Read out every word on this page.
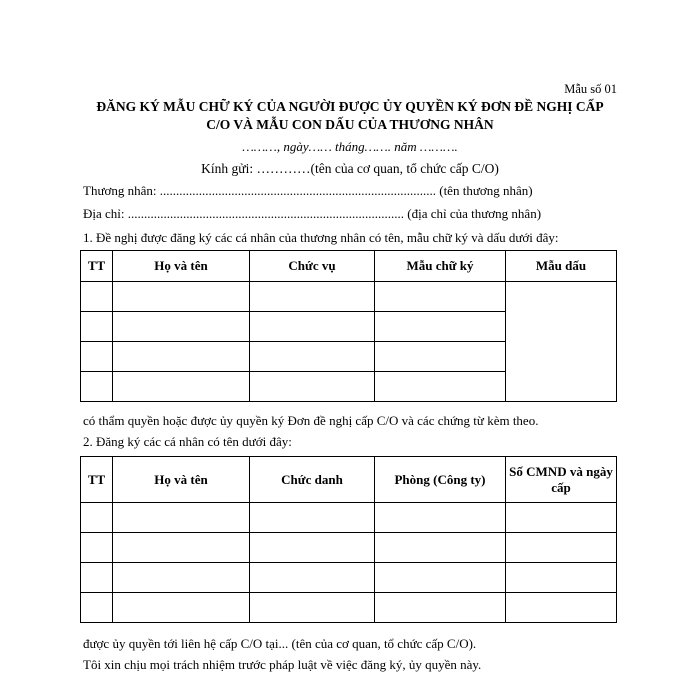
Mẫu số 01
ĐĂNG KÝ MẪU CHỮ KÝ CỦA NGƯỜI ĐƯỢC ỦY QUYỀN KÝ ĐƠN ĐỀ NGHỊ CẤP
C/O VÀ MẪU CON DẤU CỦA THƯƠNG NHÂN
………, ngày…… tháng……. năm ……….
Kính gửi: …………(tên của cơ quan, tổ chức cấp C/O)
Thương nhân: ..................................................................................... (tên thương nhân)
Địa chỉ: ..................................................................................... (địa chỉ của thương nhân)
1. Đề nghị được đăng ký các cá nhân của thương nhân có tên, mẫu chữ ký và dấu dưới đây:
TT	Họ và tên	Chức vụ	Mẫu chữ ký	Mẫu dấu

có thẩm quyền hoặc được ủy quyền ký Đơn đề nghị cấp C/O và các chứng từ kèm theo.
2. Đăng ký các cá nhân có tên dưới đây:
TT	Họ và tên	Chức danh	Phòng (Công ty)	Số CMND và ngày cấp

được ủy quyền tới liên hệ cấp C/O tại... (tên của cơ quan, tổ chức cấp C/O).
Tôi xin chịu mọi trách nhiệm trước pháp luật về việc đăng ký, ủy quyền này.
